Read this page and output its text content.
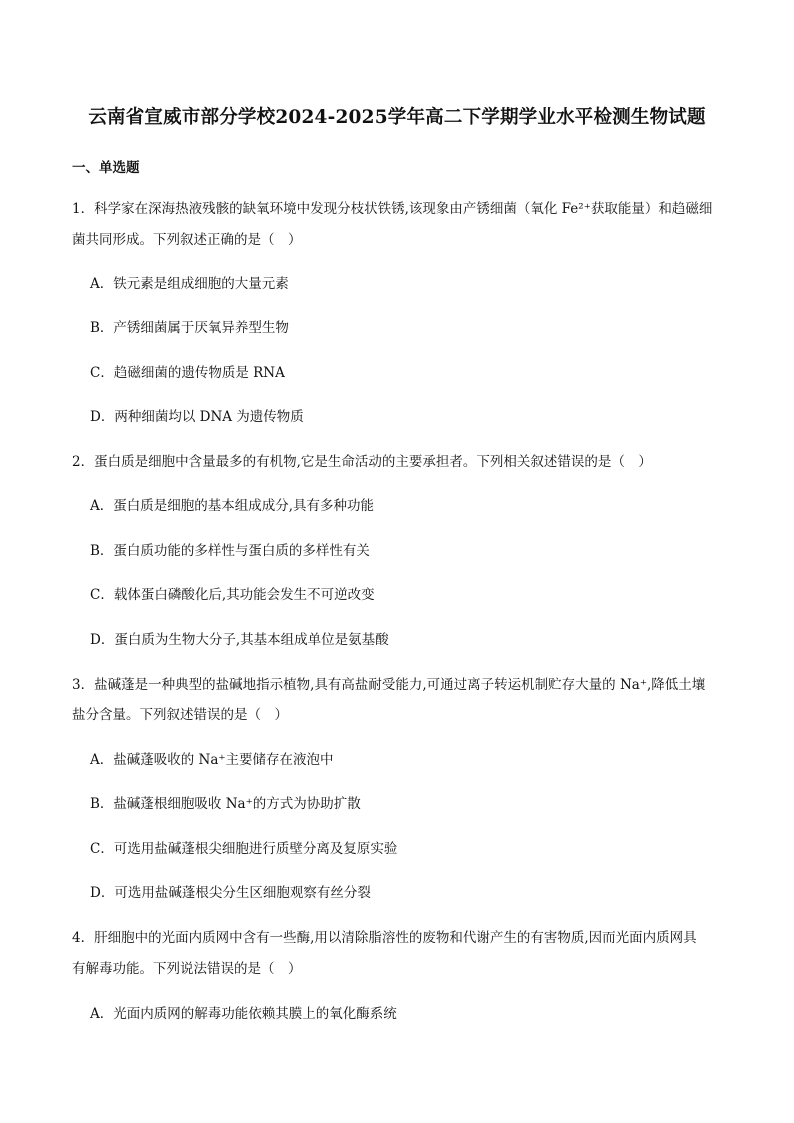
云南省宣威市部分学校2024-2025学年高二下学期学业水平检测生物试题
一、单选题
1．科学家在深海热液残骸的缺氧环境中发现分枝状铁锈,该现象由产锈细菌（氧化 Fe²⁺获取能量）和趋磁细
菌共同形成。下列叙述正确的是（　）
A．铁元素是组成细胞的大量元素
B．产锈细菌属于厌氧异养型生物
C．趋磁细菌的遗传物质是 RNA
D．两种细菌均以 DNA 为遗传物质
2．蛋白质是细胞中含量最多的有机物,它是生命活动的主要承担者。下列相关叙述错误的是（　）
A．蛋白质是细胞的基本组成成分,具有多种功能
B．蛋白质功能的多样性与蛋白质的多样性有关
C．载体蛋白磷酸化后,其功能会发生不可逆改变
D．蛋白质为生物大分子,其基本组成单位是氨基酸
3．盐碱蓬是一种典型的盐碱地指示植物,具有高盐耐受能力,可通过离子转运机制贮存大量的 Na⁺,降低土壤
盐分含量。下列叙述错误的是（　）
A．盐碱蓬吸收的 Na⁺主要储存在液泡中
B．盐碱蓬根细胞吸收 Na⁺的方式为协助扩散
C．可选用盐碱蓬根尖细胞进行质壁分离及复原实验
D．可选用盐碱蓬根尖分生区细胞观察有丝分裂
4．肝细胞中的光面内质网中含有一些酶,用以清除脂溶性的废物和代谢产生的有害物质,因而光面内质网具
有解毒功能。下列说法错误的是（　）
A．光面内质网的解毒功能依赖其膜上的氧化酶系统
